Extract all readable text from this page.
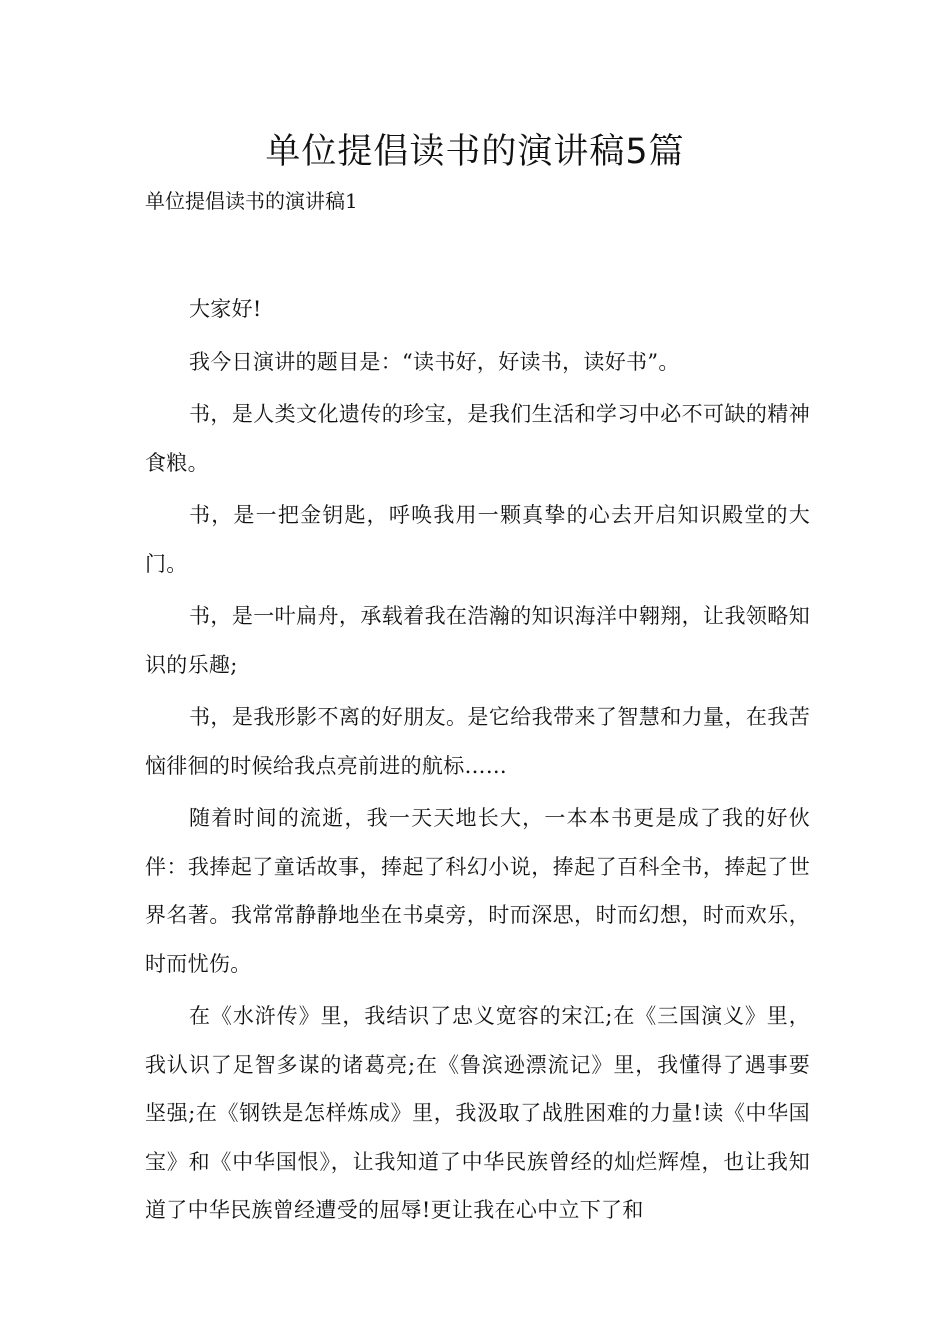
单位提倡读书的演讲稿5篇

单位提倡读书的演讲稿1

大家好!

我今日演讲的题目是：“读书好，好读书，读好书”。

书，是人类文化遗传的珍宝，是我们生活和学习中必不可缺的精神食粮。

书，是一把金钥匙，呼唤我用一颗真挚的心去开启知识殿堂的大门。

书，是一叶扁舟，承载着我在浩瀚的知识海洋中翱翔，让我领略知识的乐趣;

书，是我形影不离的好朋友。是它给我带来了智慧和力量，在我苦恼徘徊的时候给我点亮前进的航标……

随着时间的流逝，我一天天地长大，一本本书更是成了我的好伙伴：我捧起了童话故事，捧起了科幻小说，捧起了百科全书，捧起了世界名著。我常常静静地坐在书桌旁，时而深思，时而幻想，时而欢乐，时而忧伤。

在《水浒传》里，我结识了忠义宽容的宋江;在《三国演义》里，我认识了足智多谋的诸葛亮;在《鲁滨逊漂流记》里，我懂得了遇事要坚强;在《钢铁是怎样炼成》里，我汲取了战胜困难的力量!读《中华国宝》和《中华国恨》，让我知道了中华民族曾经的灿烂辉煌，也让我知道了中华民族曾经遭受的屈辱!更让我在心中立下了和
